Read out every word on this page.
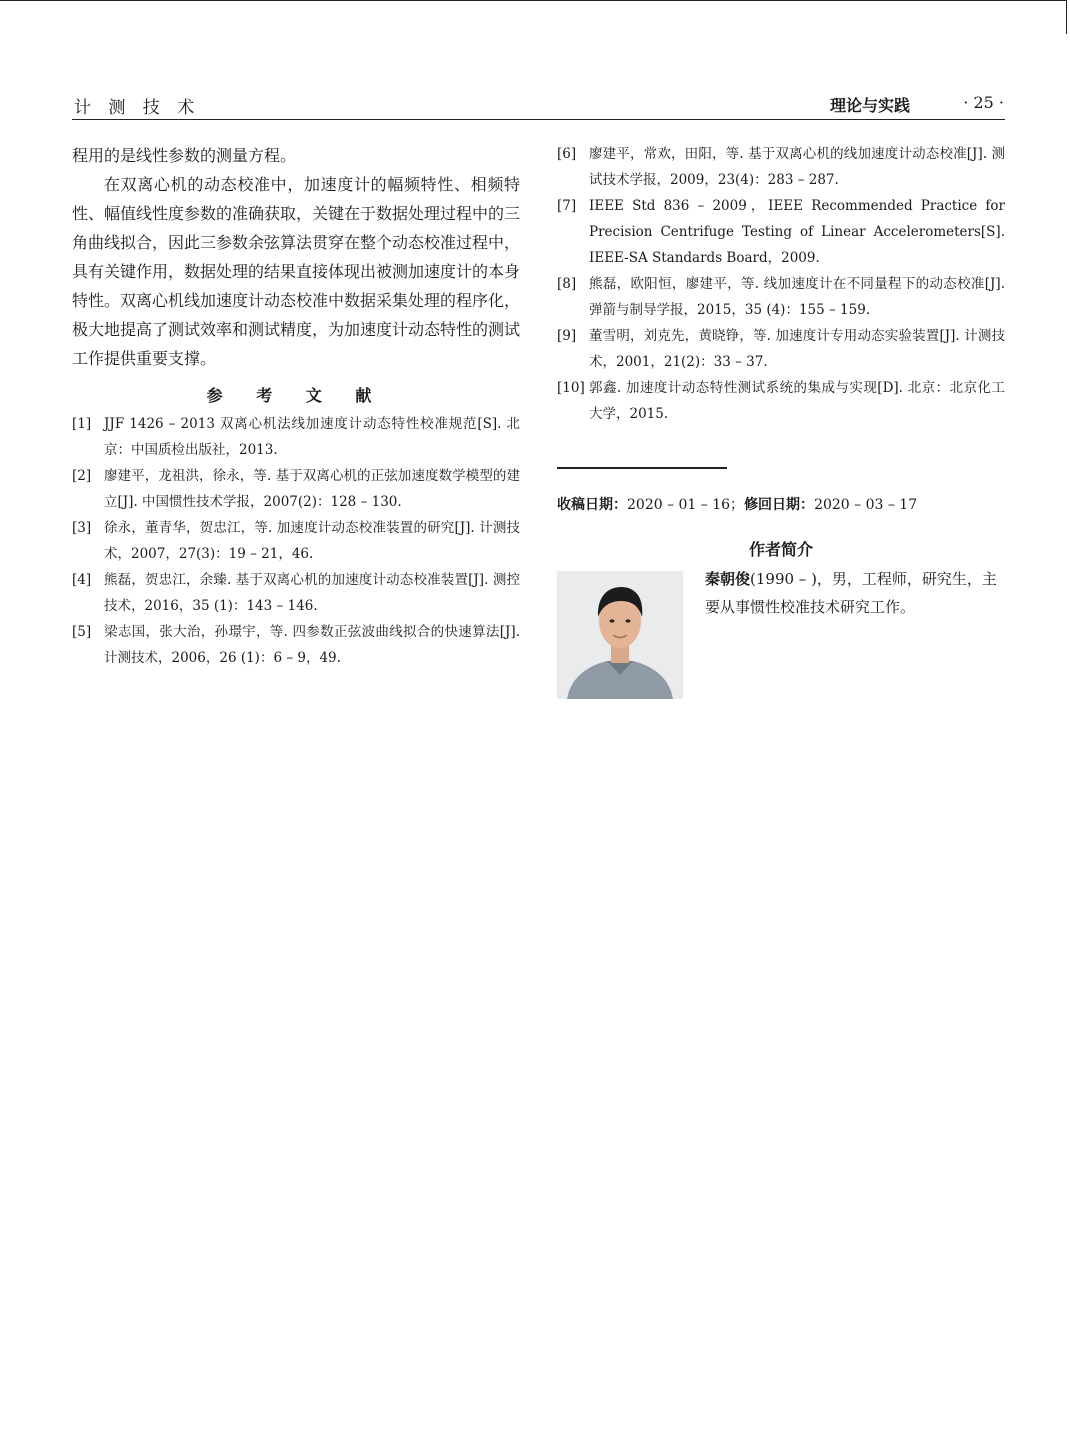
计 测 技 术	理论与实践	· 25 ·

程用的是线性参数的测量方程。

在双离心机的动态校准中，加速度计的幅频特性、相频特性、幅值线性度参数的准确获取，关键在于数据处理过程中的三角曲线拟合，因此三参数余弦算法贯穿在整个动态校准过程中，具有关键作用，数据处理的结果直接体现出被测加速度计的本身特性。双离心机线加速度计动态校准中数据采集处理的程序化，极大地提高了测试效率和测试精度，为加速度计动态特性的测试工作提供重要支撑。

参 考 文 献
[1] JJF 1426 – 2013 双离心机法线加速度计动态特性校准规范[S]. 北京：中国质检出版社，2013.
[2] 廖建平，龙祖洪，徐永，等. 基于双离心机的正弦加速度数学模型的建立[J]. 中国惯性技术学报，2007(2)：128 – 130.
[3] 徐永，董青华，贺忠江，等. 加速度计动态校准装置的研究[J]. 计测技术，2007，27(3)：19 – 21，46.
[4] 熊磊，贺忠江，余臻. 基于双离心机的加速度计动态校准装置[J]. 测控技术，2016，35 (1)：143 – 146.
[5] 梁志国，张大治，孙璟宇，等. 四参数正弦波曲线拟合的快速算法[J]. 计测技术，2006，26 (1)：6 – 9，49.
[6] 廖建平，常欢，田阳，等. 基于双离心机的线加速度计动态校准[J]. 测试技术学报，2009，23(4)：283 – 287.
[7] IEEE Std 836 – 2009，IEEE Recommended Practice for Precision Centrifuge Testing of Linear Accelerometers[S]. IEEE-SA Standards Board，2009.
[8] 熊磊，欧阳恒，廖建平，等. 线加速度计在不同量程下的动态校准[J]. 弹箭与制导学报，2015，35 (4)：155 – 159.
[9] 董雪明，刘克先，黄晓铮，等. 加速度计专用动态实验装置[J]. 计测技术，2001，21(2)：33 – 37.
[10] 郭鑫. 加速度计动态特性测试系统的集成与实现[D]. 北京：北京化工大学，2015.
收稿日期：2020 – 01 – 16；修回日期：2020 – 03 – 17
作者简介
秦朝俊(1990 – )，男，工程师，研究生，主要从事惯性校准技术研究工作。
